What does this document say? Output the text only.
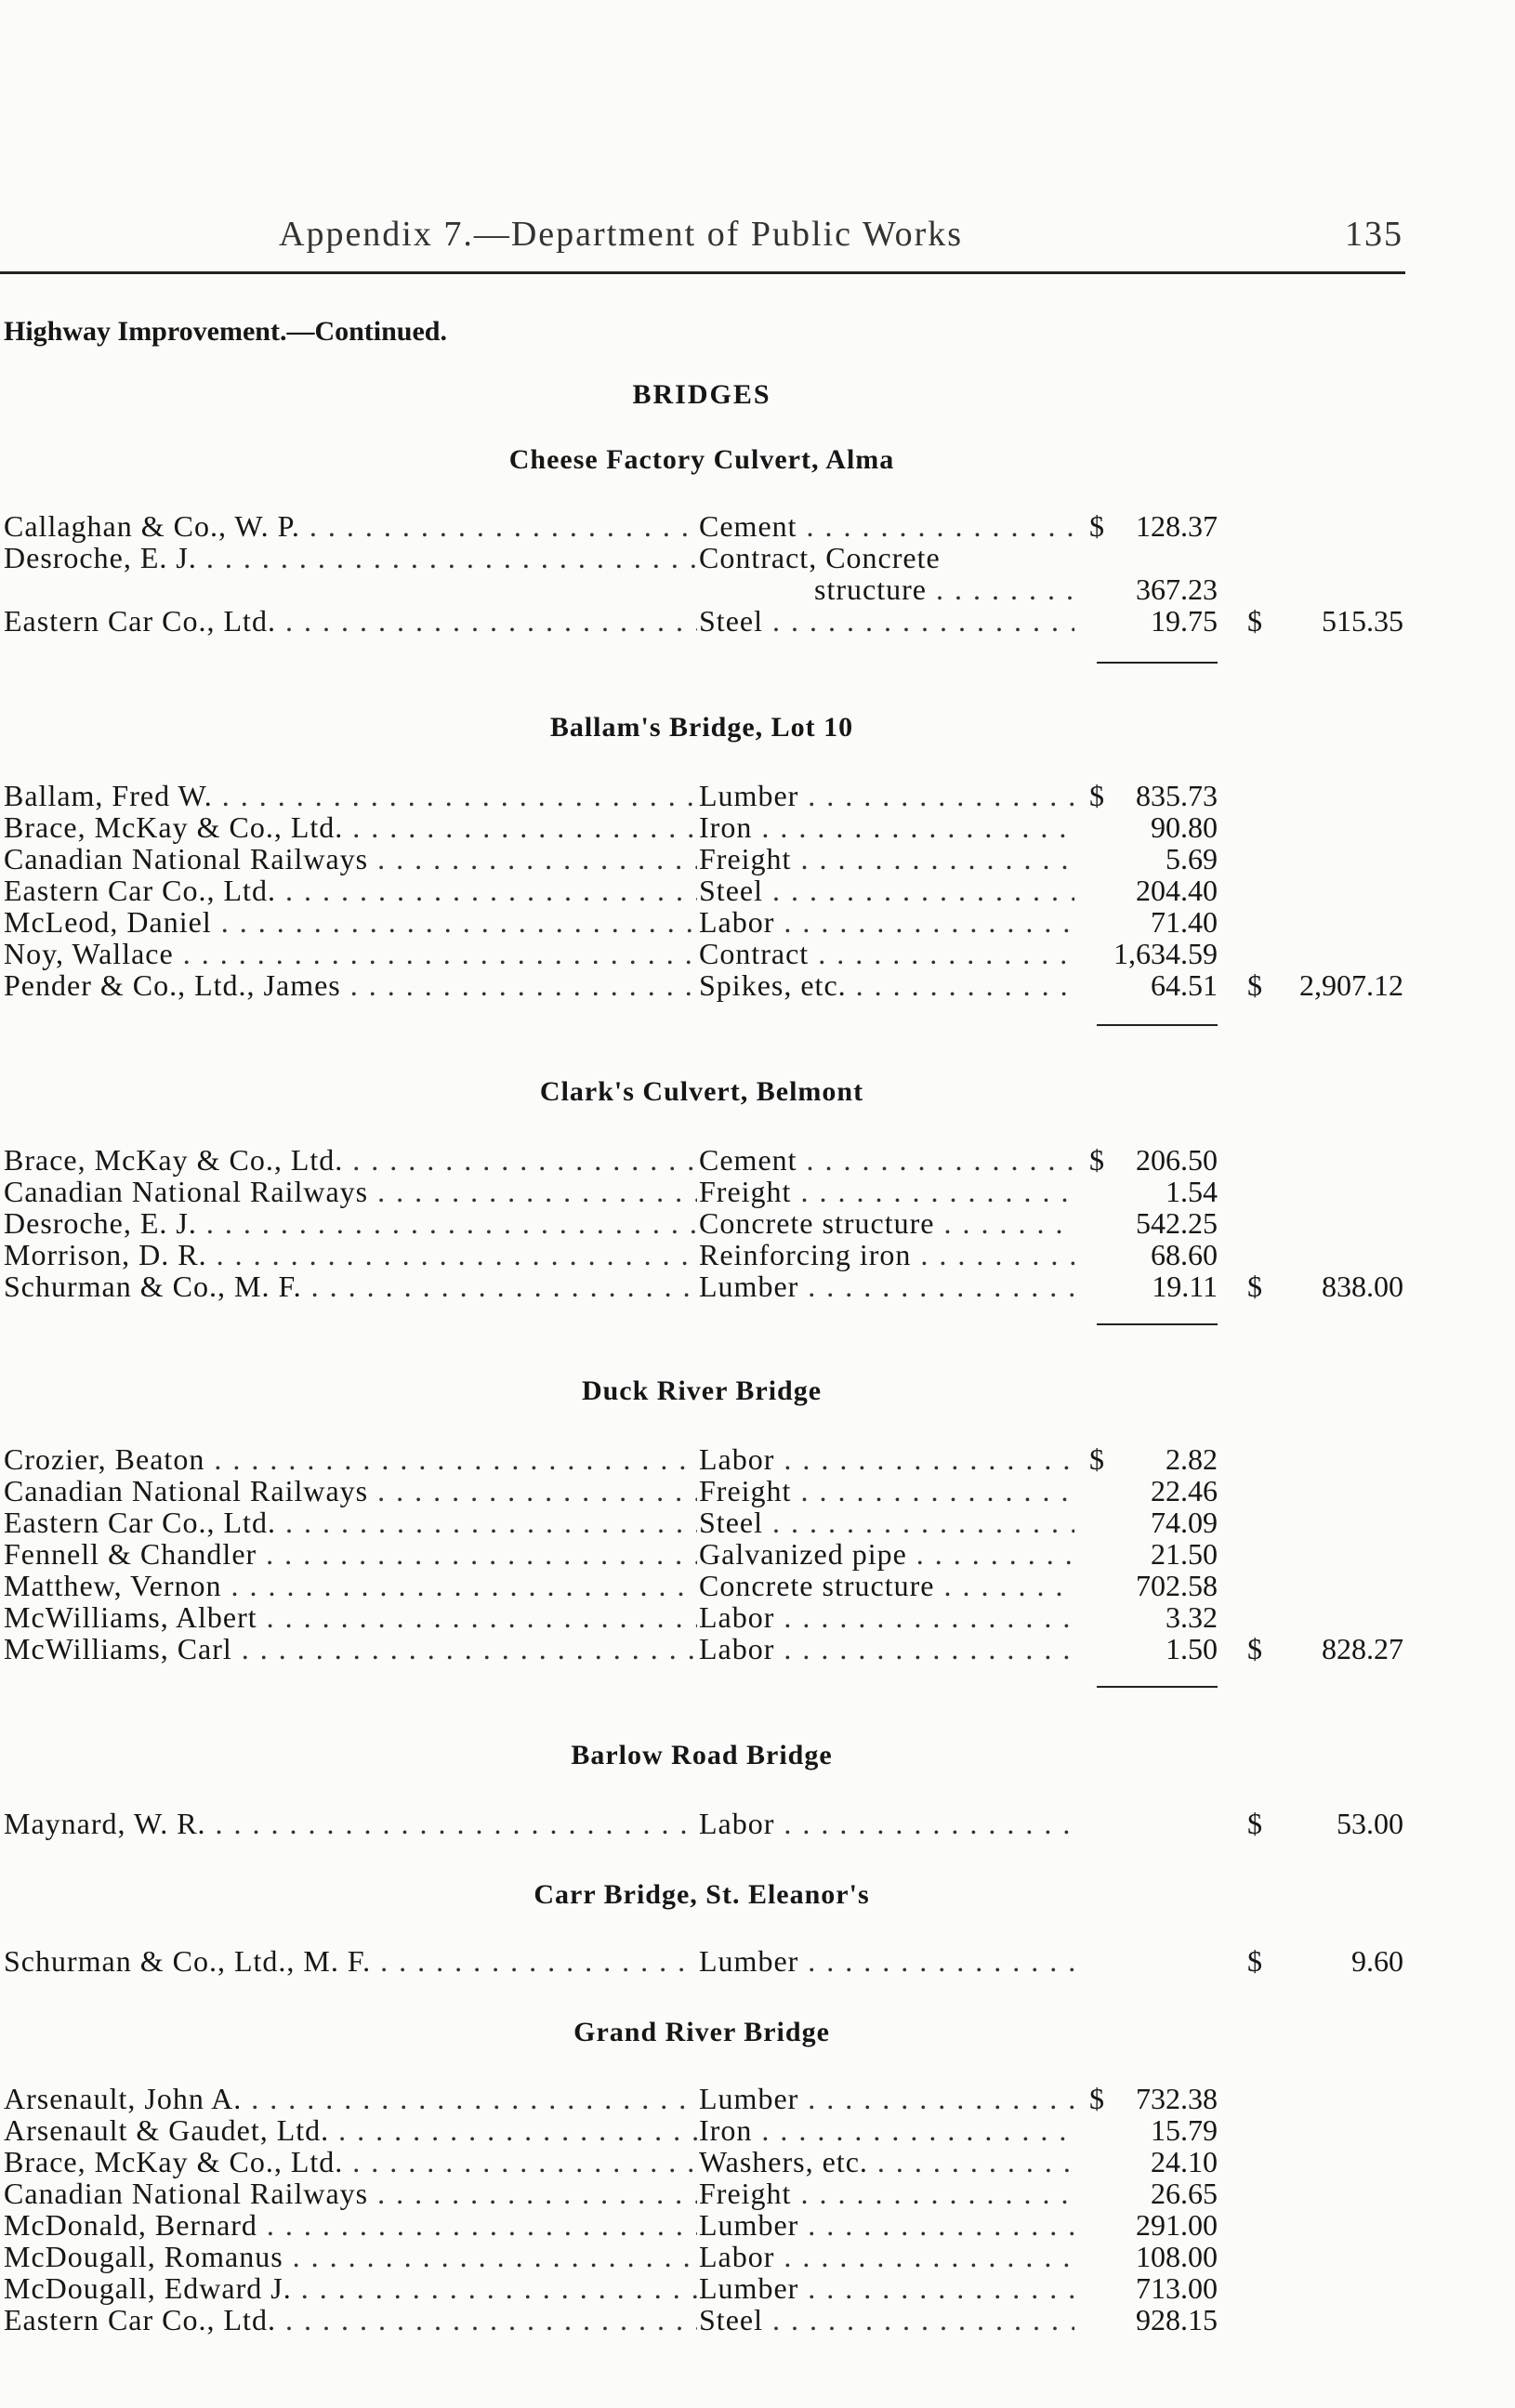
Appendix 7.—Department of Public Works	135
Highway Improvement.—Continued.
BRIDGES
Cheese Factory Culvert, Alma
Callaghan & Co., W. P. . . .	Cement . . .	$	128.37
Desroche, E. J. . . .	Contract, Concrete
structure . . .	367.23
Eastern Car Co., Ltd. . . .	Steel . . .	19.75 $	515.35
Ballam's Bridge, Lot 10
Ballam, Fred W. . . .	Lumber . . .	$	835.73
Brace, McKay & Co., Ltd. . . .	Iron . . .	90.80
Canadian National Railways . . .	Freight . . .	5.69
Eastern Car Co., Ltd. . . .	Steel . . .	204.40
McLeod, Daniel . . .	Labor . . .	71.40
Noy, Wallace . . .	Contract . . .	1,634.59
Pender & Co., Ltd., James . . .	Spikes, etc. . . .	64.51 $	2,907.12
Clark's Culvert, Belmont
Brace, McKay & Co., Ltd. . . .	Cement . . .	$	206.50
Canadian National Railways . . .	Freight . . .	1.54
Desroche, E. J. . . .	Concrete structure . . .	542.25
Morrison, D. R. . . .	Reinforcing iron . . .	68.60
Schurman & Co., M. F. . . .	Lumber . . .	19.11 $	838.00
Duck River Bridge
Crozier, Beaton . . .	Labor . . .	$	2.82
Canadian National Railways . . .	Freight . . .	22.46
Eastern Car Co., Ltd. . . .	Steel . . .	74.09
Fennell & Chandler . . .	Galvanized pipe . . .	21.50
Matthew, Vernon . . .	Concrete structure . . .	702.58
McWilliams, Albert . . .	Labor . . .	3.32
McWilliams, Carl . . .	Labor . . .	1.50 $	828.27
Barlow Road Bridge
Maynard, W. R. . . .	Labor . . .	$	53.00
Carr Bridge, St. Eleanor's
Schurman & Co., Ltd., M. F. . . .	Lumber . . .	$	9.60
Grand River Bridge
Arsenault, John A. . . .	Lumber . . .	$	732.38
Arsenault & Gaudet, Ltd. . . .	Iron . . .	15.79
Brace, McKay & Co., Ltd. . . .	Washers, etc. . . .	24.10
Canadian National Railways . . .	Freight . . .	26.65
McDonald, Bernard . . .	Lumber . . .	291.00
McDougall, Romanus . . .	Labor . . .	108.00
McDougall, Edward J. . . .	Lumber . . .	713.00
Eastern Car Co., Ltd. . . .	Steel . . .	928.15
